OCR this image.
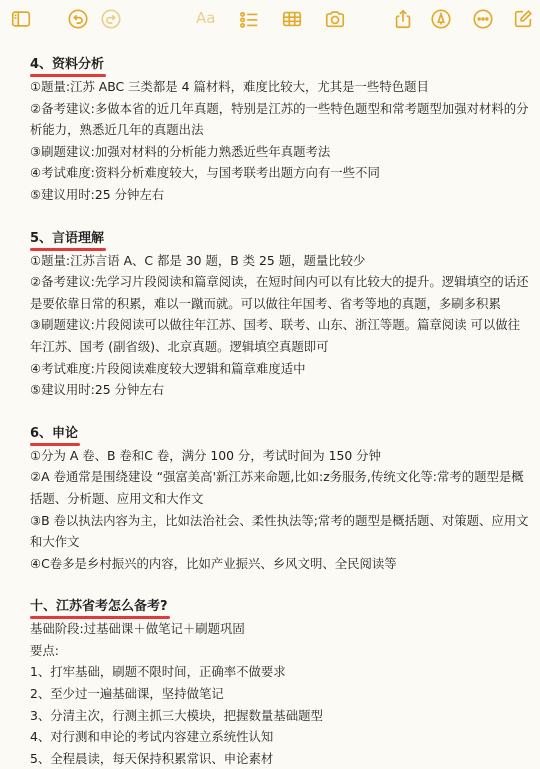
Aa
4、资料分析
①题量:江苏 ABC 三类都是 4 篇材料，难度比较大，尤其是一些特色题目
②备考建议:多做本省的近几年真题，特别是江苏的一些特色题型和常考题型加强对材料的分析能力，熟悉近几年的真题出法
③刷题建议:加强对材料的分析能力熟悉近些年真题考法
④考试难度:资料分析难度较大，与国考联考出题方向有一些不同
⑤建议用时:25 分钟左右
5、言语理解
①题量:江苏言语 A、C 都是 30 题，B 类 25 题，题量比较少
②备考建议:先学习片段阅读和篇章阅读，在短时间内可以有比较大的提升。逻辑填空的话还是要依靠日常的积累，难以一蹴而就。可以做往年国考、省考等地的真题，多刷多积累
③刷题建议:片段阅读可以做往年江苏、国考、联考、山东、浙江等题。篇章阅读 可以做往年江苏、国考 (副省级)、北京真题。逻辑填空真题即可
④考试难度:片段阅读难度较大逻辑和篇章难度适中
⑤建议用时:25 分钟左右
6、申论
①分为 A 卷、B 卷和C 卷，满分 100 分，考试时间为 150 分钟
②A 卷通常是围绕建设 “强富美高'新江苏来命题,比如:z务服务,传统文化等:常考的题型是概括题、分析题、应用文和大作文
③B 卷以执法内容为主，比如法治社会、柔性执法等;常考的题型是概括题、对策题、应用文和大作文
④C卷多是乡村振兴的内容，比如产业振兴、乡风文明、全民阅读等
十、江苏省考怎么备考?
基础阶段:过基础课＋做笔记＋刷题巩固
要点:
1、打牢基础，刷题不限时间，正确率不做要求
2、至少过一遍基础课，坚持做笔记
3、分清主次，行测主抓三大模块，把握数量基础题型
4、对行测和申论的考试内容建立系统性认知
5、全程晨读，每天保持积累常识、申论素材
